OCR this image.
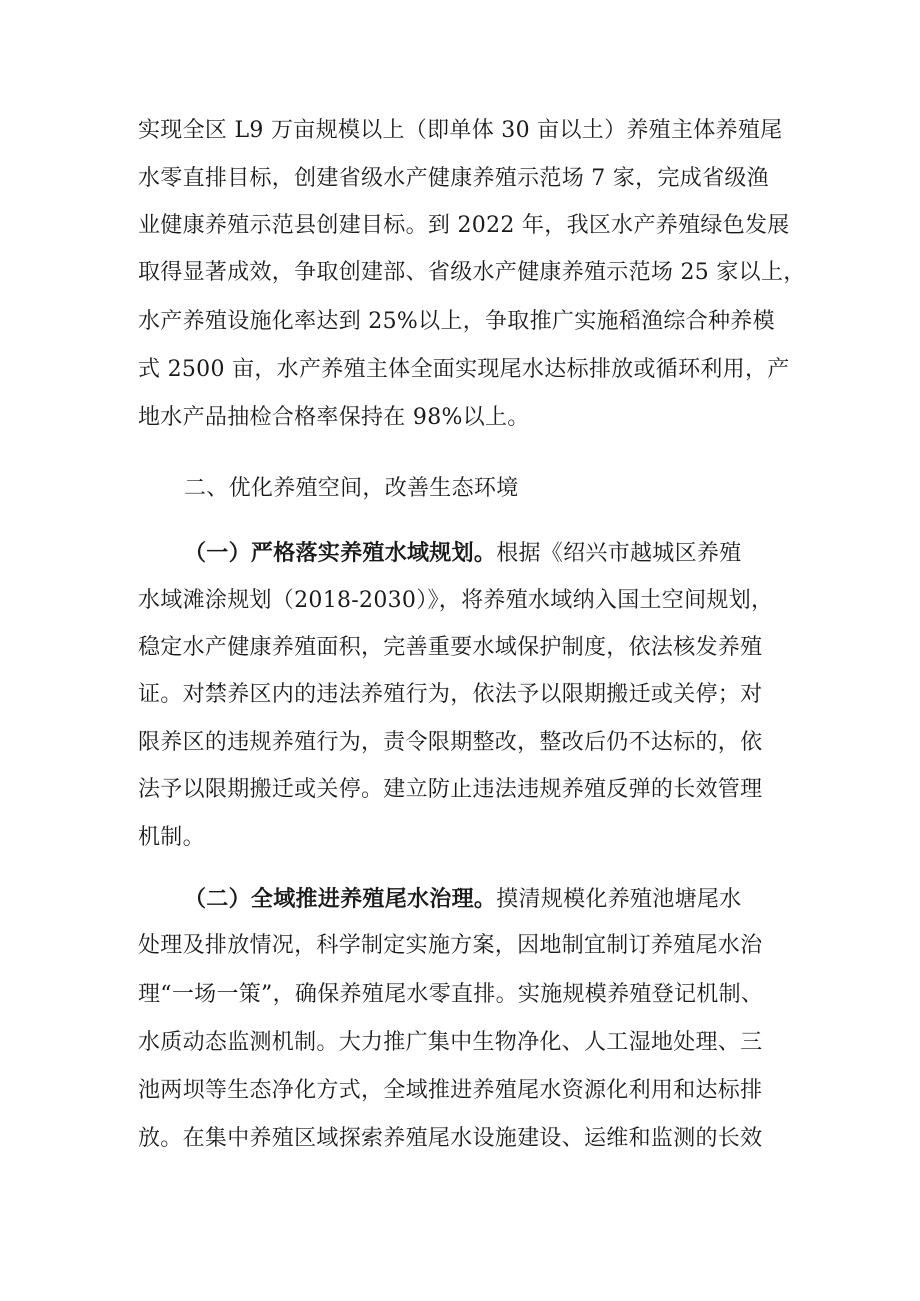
实现全区 L9 万亩规模以上（即单体 30 亩以土）养殖主体养殖尾
水零直排目标，创建省级水产健康养殖示范场 7 家，完成省级渔
业健康养殖示范县创建目标。到 2022 年，我区水产养殖绿色发展
取得显著成效，争取创建部、省级水产健康养殖示范场 25 家以上，
水产养殖设施化率达到 25%以上，争取推广实施稻渔综合种养模
式 2500 亩，水产养殖主体全面实现尾水达标排放或循环利用，产
地水产品抽检合格率保持在 98%以上。
二、优化养殖空间，改善生态环境
（一）严格落实养殖水域规划。根据《绍兴市越城区养殖
水域滩涂规划（2018-2030）》，将养殖水域纳入国土空间规划，
稳定水产健康养殖面积，完善重要水域保护制度，依法核发养殖
证。对禁养区内的违法养殖行为，依法予以限期搬迁或关停；对
限养区的违规养殖行为，责令限期整改，整改后仍不达标的，依
法予以限期搬迁或关停。建立防止违法违规养殖反弹的长效管理
机制。
（二）全域推进养殖尾水治理。摸清规模化养殖池塘尾水
处理及排放情况，科学制定实施方案，因地制宜制订养殖尾水治
理“一场一策”，确保养殖尾水零直排。实施规模养殖登记机制、
水质动态监测机制。大力推广集中生物净化、人工湿地处理、三
池两坝等生态净化方式，全域推进养殖尾水资源化利用和达标排
放。在集中养殖区域探索养殖尾水设施建设、运维和监测的长效
